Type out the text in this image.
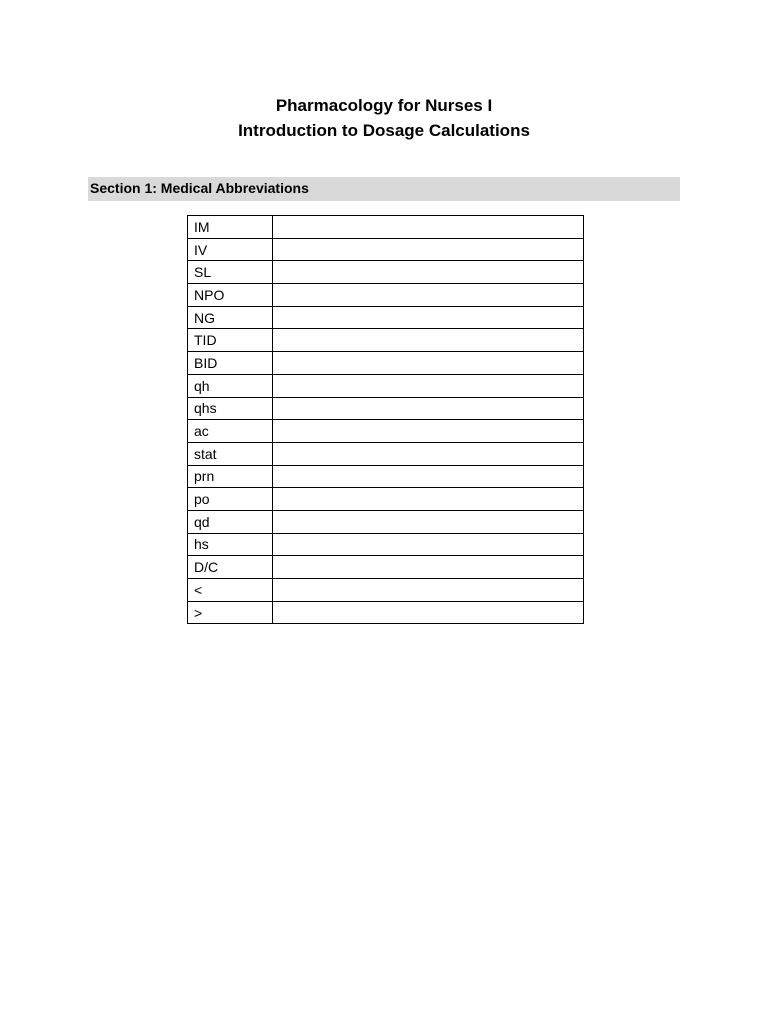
Pharmacology for Nurses I
Introduction to Dosage Calculations
Section 1: Medical Abbreviations
IM	
IV	
SL	
NPO	
NG	
TID	
BID	
qh	
qhs	
ac	
stat	
prn	
po	
qd	
hs	
D/C	
<	
>	
